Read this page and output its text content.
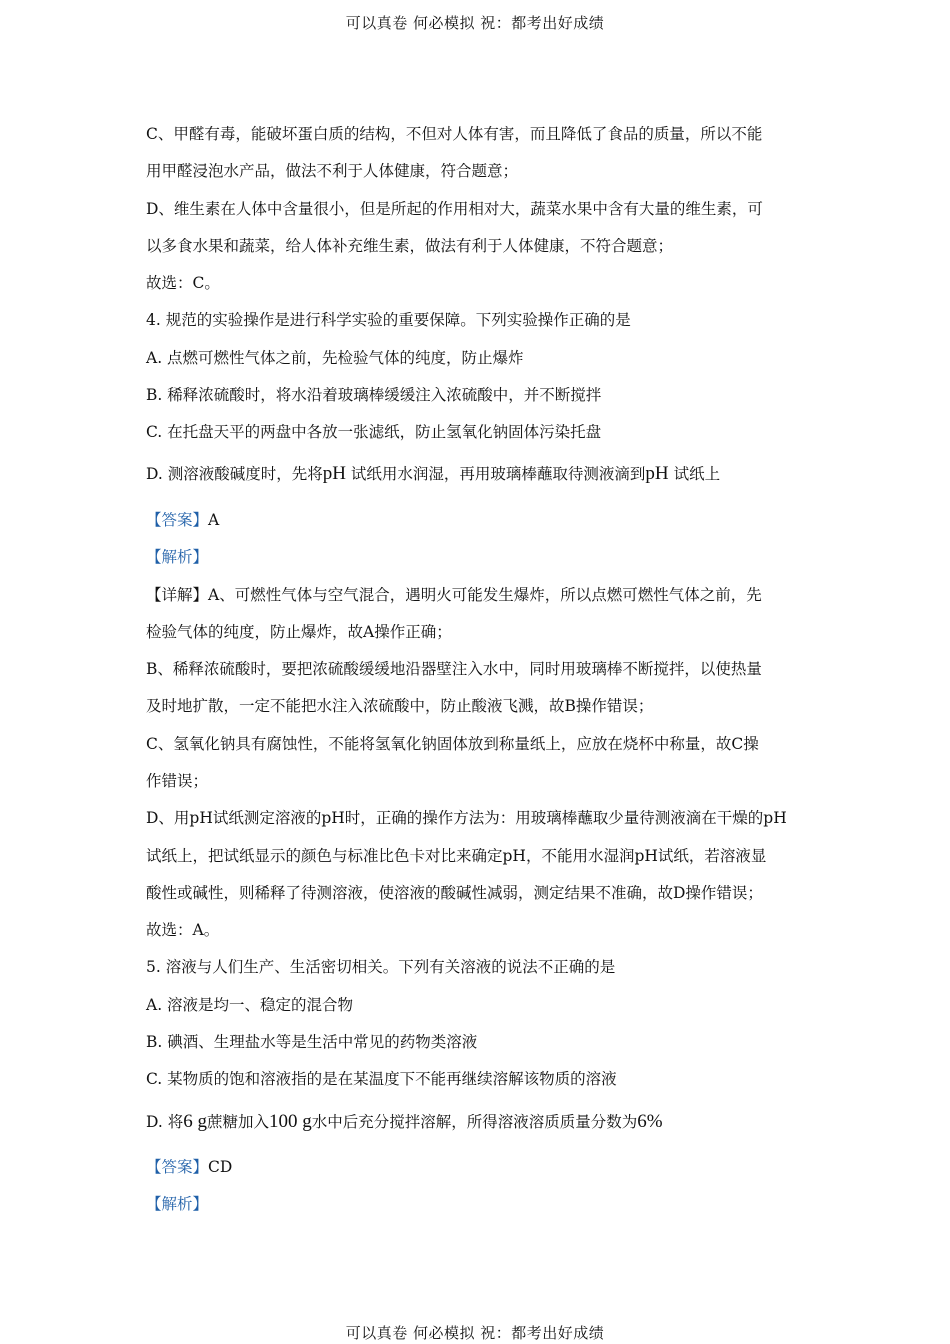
可以真卷 何必模拟 祝：都考出好成绩
C、甲醛有毒，能破坏蛋白质的结构，不但对人体有害，而且降低了食品的质量，所以不能
用甲醛浸泡水产品，做法不利于人体健康，符合题意；
D、维生素在人体中含量很小，但是所起的作用相对大，蔬菜水果中含有大量的维生素，可
以多食水果和蔬菜，给人体补充维生素，做法有利于人体健康，不符合题意；
故选：C。
4. 规范的实验操作是进行科学实验的重要保障。下列实验操作正确的是
A. 点燃可燃性气体之前，先检验气体的纯度，防止爆炸
B. 稀释浓硫酸时，将水沿着玻璃棒缓缓注入浓硫酸中，并不断搅拌
C. 在托盘天平的两盘中各放一张滤纸，防止氢氧化钠固体污染托盘
D. 测溶液酸碱度时，先将pH 试纸用水润湿，再用玻璃棒蘸取待测液滴到pH 试纸上
【答案】A
【解析】
【详解】A、可燃性气体与空气混合，遇明火可能发生爆炸，所以点燃可燃性气体之前，先
检验气体的纯度，防止爆炸，故A操作正确；
B、稀释浓硫酸时，要把浓硫酸缓缓地沿器壁注入水中，同时用玻璃棒不断搅拌，以使热量
及时地扩散，一定不能把水注入浓硫酸中，防止酸液飞溅，故B操作错误；
C、氢氧化钠具有腐蚀性，不能将氢氧化钠固体放到称量纸上，应放在烧杯中称量，故C操
作错误；
D、用pH试纸测定溶液的pH时，正确的操作方法为：用玻璃棒蘸取少量待测液滴在干燥的pH
试纸上，把试纸显示的颜色与标准比色卡对比来确定pH，不能用水湿润pH试纸，若溶液显
酸性或碱性，则稀释了待测溶液，使溶液的酸碱性减弱，测定结果不准确，故D操作错误；
故选：A。
5. 溶液与人们生产、生活密切相关。下列有关溶液的说法不正确的是
A. 溶液是均一、稳定的混合物
B. 碘酒、生理盐水等是生活中常见的药物类溶液
C. 某物质的饱和溶液指的是在某温度下不能再继续溶解该物质的溶液
D. 将6 g蔗糖加入100 g水中后充分搅拌溶解，所得溶液溶质质量分数为6%
【答案】CD
【解析】
可以真卷 何必模拟 祝：都考出好成绩
